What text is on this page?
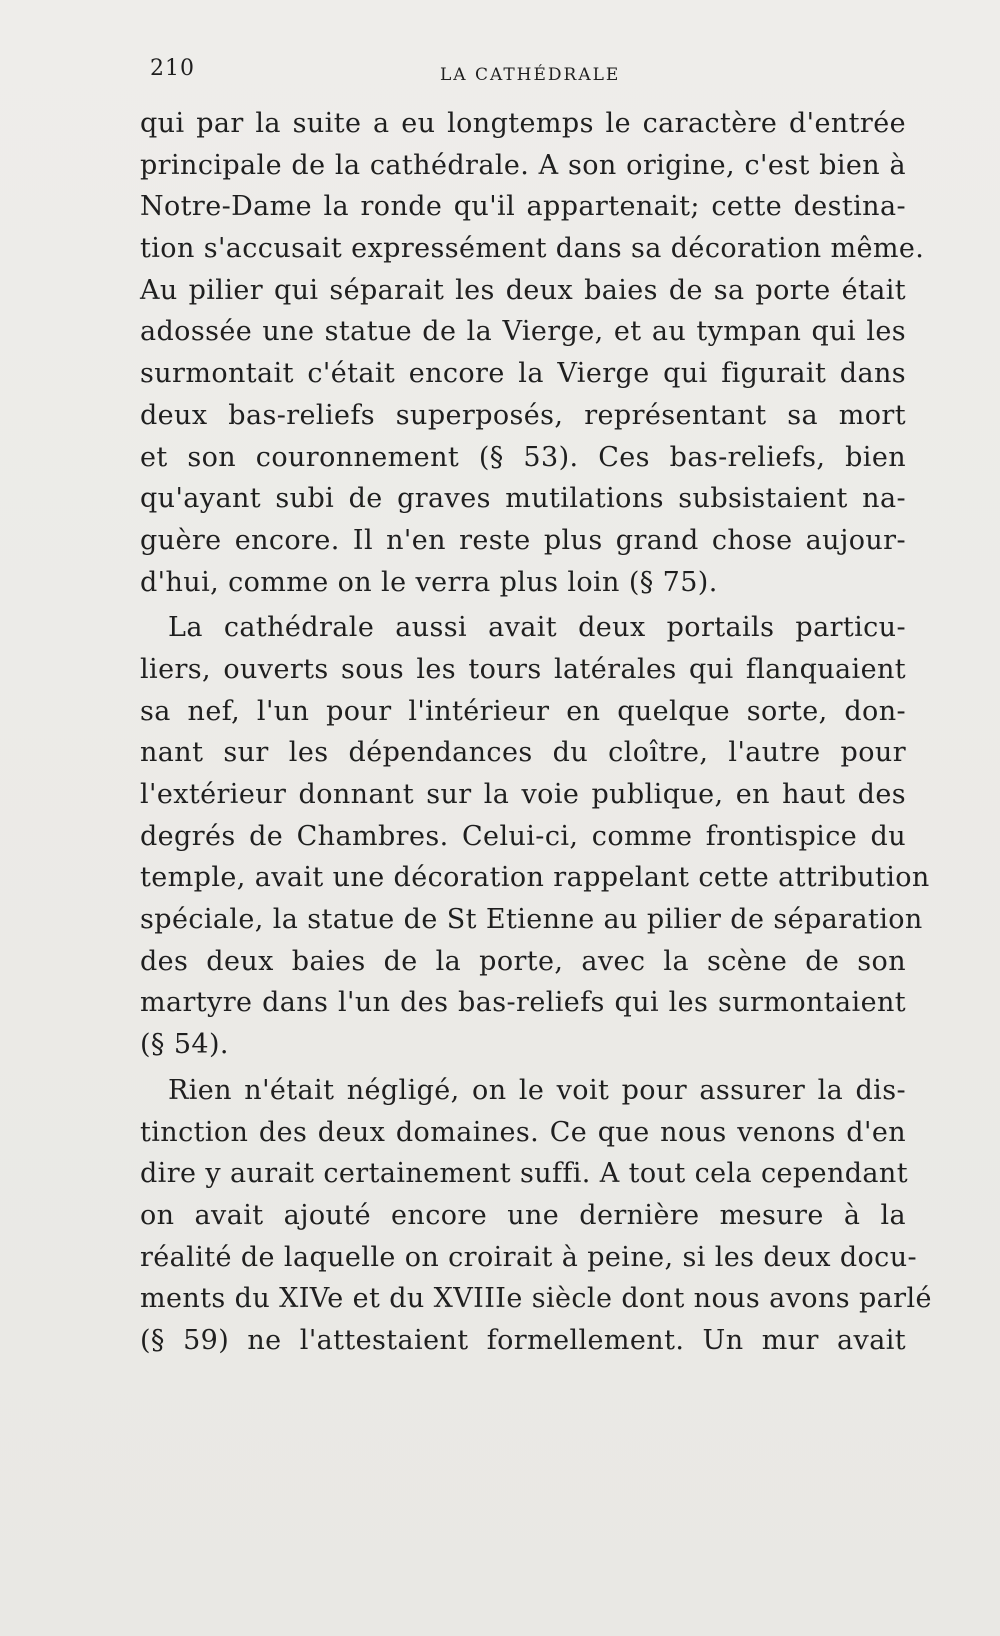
210	LA CATHÉDRALE
qui par la suite a eu longtemps le caractère d'entrée
principale de la cathédrale. A son origine, c'est bien à
Notre-Dame la ronde qu'il appartenait; cette destina-
tion s'accusait expressément dans sa décoration même.
Au pilier qui séparait les deux baies de sa porte était
adossée une statue de la Vierge, et au tympan qui les
surmontait c'était encore la Vierge qui figurait dans
deux bas-reliefs superposés, représentant sa mort
et son couronnement (§ 53). Ces bas-reliefs, bien
qu'ayant subi de graves mutilations subsistaient na-
guère encore. Il n'en reste plus grand chose aujour-
d'hui, comme on le verra plus loin (§ 75).
La cathédrale aussi avait deux portails particu-
liers, ouverts sous les tours latérales qui flanquaient
sa nef, l'un pour l'intérieur en quelque sorte, don-
nant sur les dépendances du cloître, l'autre pour
l'extérieur donnant sur la voie publique, en haut des
degrés de Chambres. Celui-ci, comme frontispice du
temple, avait une décoration rappelant cette attribution
spéciale, la statue de St Etienne au pilier de séparation
des deux baies de la porte, avec la scène de son
martyre dans l'un des bas-reliefs qui les surmontaient
(§ 54).
Rien n'était négligé, on le voit pour assurer la dis-
tinction des deux domaines. Ce que nous venons d'en
dire y aurait certainement suffi. A tout cela cependant
on avait ajouté encore une dernière mesure à la
réalité de laquelle on croirait à peine, si les deux docu-
ments du XIVe et du XVIIIe siècle dont nous avons parlé
(§ 59) ne l'attestaient formellement. Un mur avait
